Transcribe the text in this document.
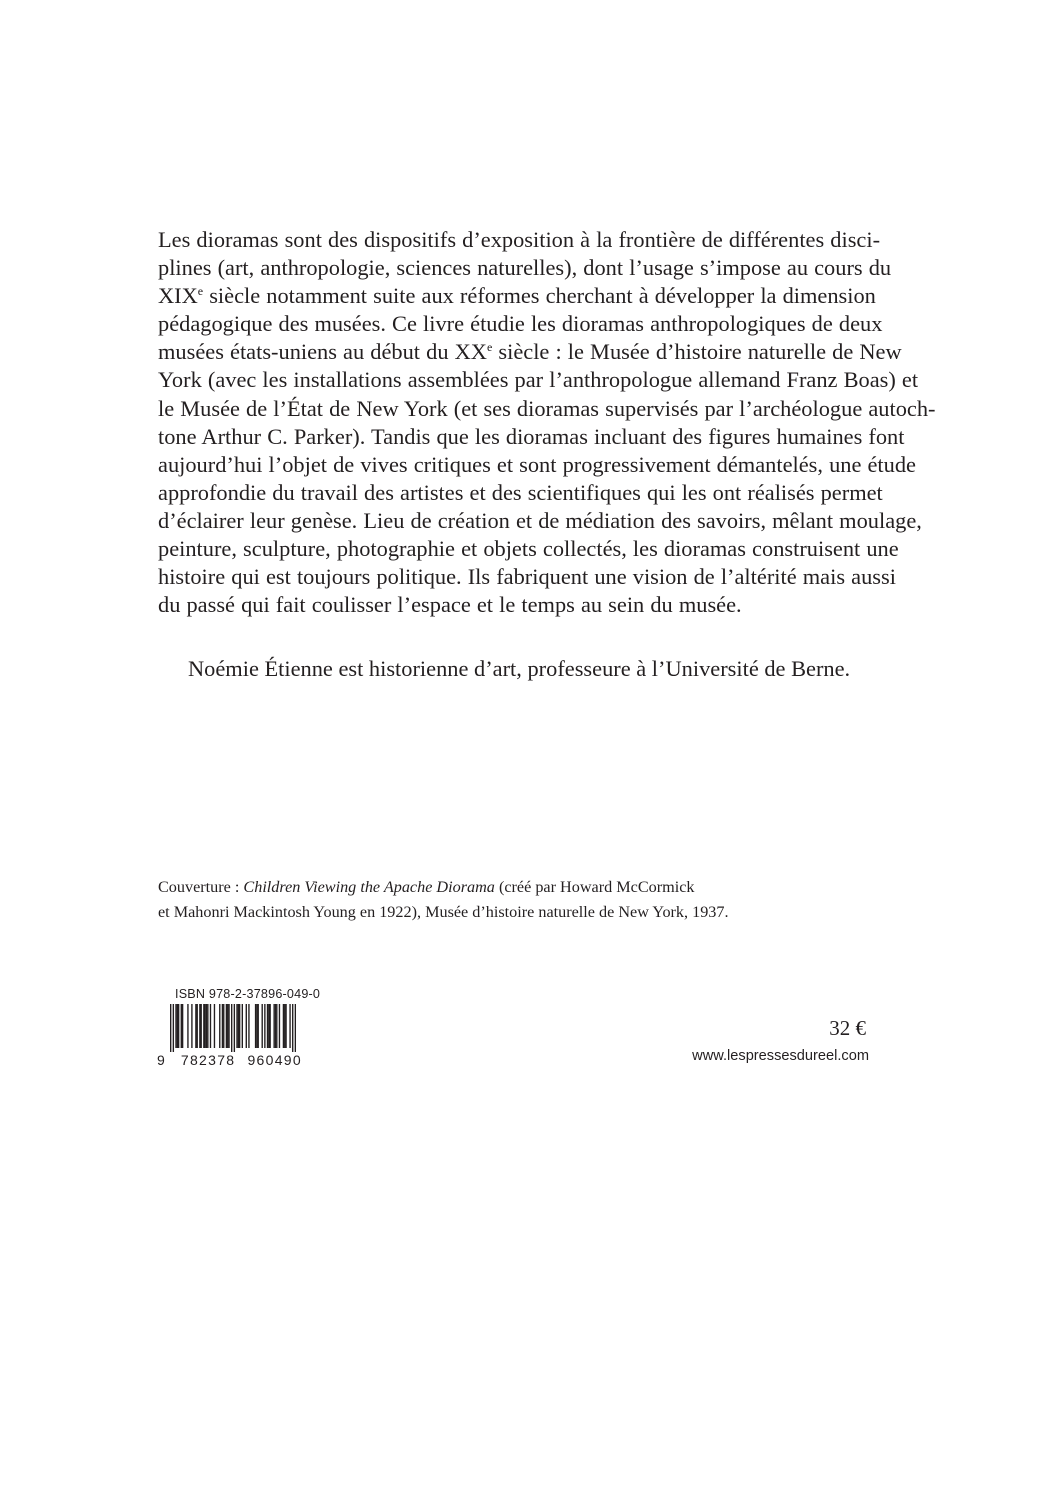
Les dioramas sont des dispositifs d’exposition à la frontière de différentes disci-
plines (art, anthropologie, sciences naturelles), dont l’usage s’impose au cours du
XIXe siècle notamment suite aux réformes cherchant à développer la dimension
pédagogique des musées. Ce livre étudie les dioramas anthropologiques de deux
musées états-uniens au début du XXe siècle : le Musée d’histoire naturelle de New
York (avec les installations assemblées par l’anthropologue allemand Franz Boas) et
le Musée de l’État de New York (et ses dioramas supervisés par l’archéologue autoch-
tone Arthur C. Parker). Tandis que les dioramas incluant des figures humaines font
aujourd’hui l’objet de vives critiques et sont progressivement démantelés, une étude
approfondie du travail des artistes et des scientifiques qui les ont réalisés permet
d’éclairer leur genèse. Lieu de création et de médiation des savoirs, mêlant moulage,
peinture, sculpture, photographie et objets collectés, les dioramas construisent une
histoire qui est toujours politique. Ils fabriquent une vision de l’altérité mais aussi
du passé qui fait coulisser l’espace et le temps au sein du musée.

Noémie Étienne est historienne d’art, professeure à l’Université de Berne.

Couverture : Children Viewing the Apache Diorama (créé par Howard McCormick
et Mahonri Mackintosh Young en 1922), Musée d’histoire naturelle de New York, 1937.
ISBN 978-2-37896-049-0
9 782378 960490
32 €
www.lespressesdureel.com
